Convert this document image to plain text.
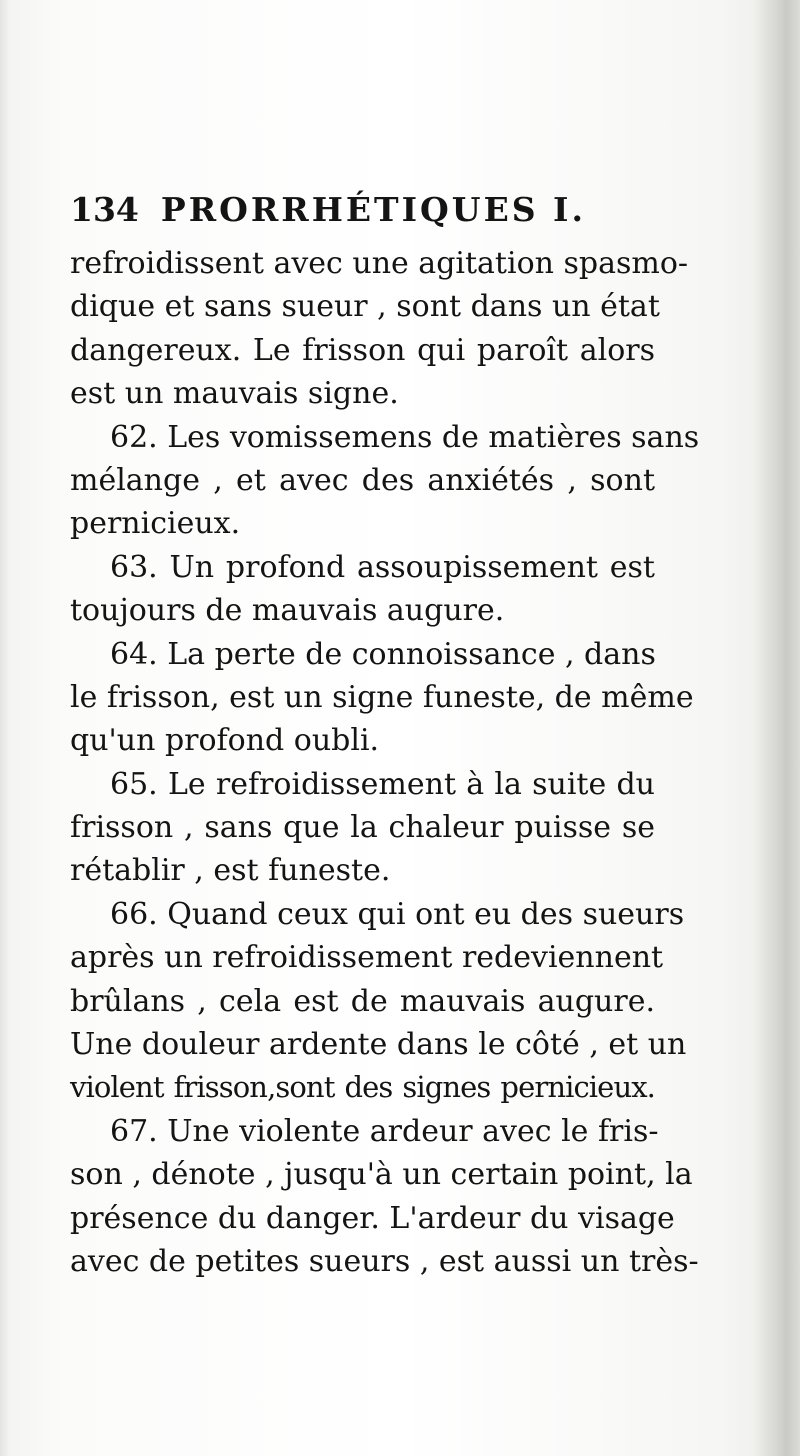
134 PRORRHÉTIQUES I.
refroidissent avec une agitation spasmo-
dique et sans sueur , sont dans un état
dangereux. Le frisson qui paroît alors
est un mauvais signe.
62. Les vomissemens de matières sans
mélange , et avec des anxiétés , sont
pernicieux.
63. Un profond assoupissement est
toujours de mauvais augure.
64. La perte de connoissance , dans
le frisson, est un signe funeste, de même
qu'un profond oubli.
65. Le refroidissement à la suite du
frisson , sans que la chaleur puisse se
rétablir , est funeste.
66. Quand ceux qui ont eu des sueurs
après un refroidissement redeviennent
brûlans , cela est de mauvais augure.
Une douleur ardente dans le côté , et un
violent frisson,sont des signes pernicieux.
67. Une violente ardeur avec le fris-
son , dénote , jusqu'à un certain point, la
présence du danger. L'ardeur du visage
avec de petites sueurs , est aussi un très-
